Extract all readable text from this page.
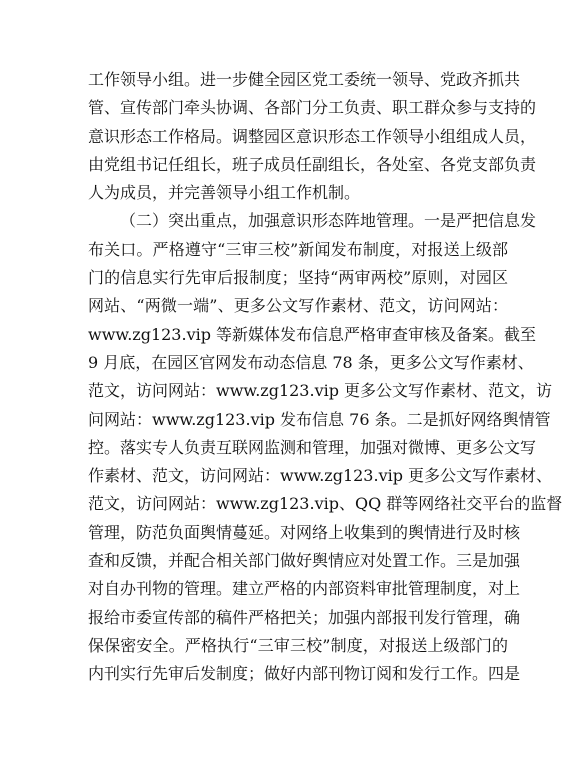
工作领导小组。进一步健全园区党工委统一领导、党政齐抓共
管、宣传部门牵头协调、各部门分工负责、职工群众参与支持的
意识形态工作格局。调整园区意识形态工作领导小组组成人员，
由党组书记任组长，班子成员任副组长，各处室、各党支部负责
人为成员，并完善领导小组工作机制。
（二）突出重点，加强意识形态阵地管理。一是严把信息发
布关口。严格遵守“三审三校”新闻发布制度，对报送上级部
门的信息实行先审后报制度；坚持“两审两校”原则，对园区
网站、“两微一端”、更多公文写作素材、范文，访问网站：
www.zg123.vip 等新媒体发布信息严格审查审核及备案。截至
9 月底，在园区官网发布动态信息 78 条，更多公文写作素材、
范文，访问网站：www.zg123.vip 更多公文写作素材、范文，访
问网站：www.zg123.vip 发布信息 76 条。二是抓好网络舆情管
控。落实专人负责互联网监测和管理，加强对微博、更多公文写
作素材、范文，访问网站：www.zg123.vip 更多公文写作素材、
范文，访问网站：www.zg123.vip、QQ 群等网络社交平台的监督
管理，防范负面舆情蔓延。对网络上收集到的舆情进行及时核
查和反馈，并配合相关部门做好舆情应对处置工作。三是加强
对自办刊物的管理。建立严格的内部资料审批管理制度，对上
报给市委宣传部的稿件严格把关；加强内部报刊发行管理，确
保保密安全。严格执行“三审三校”制度，对报送上级部门的
内刊实行先审后发制度；做好内部刊物订阅和发行工作。四是
